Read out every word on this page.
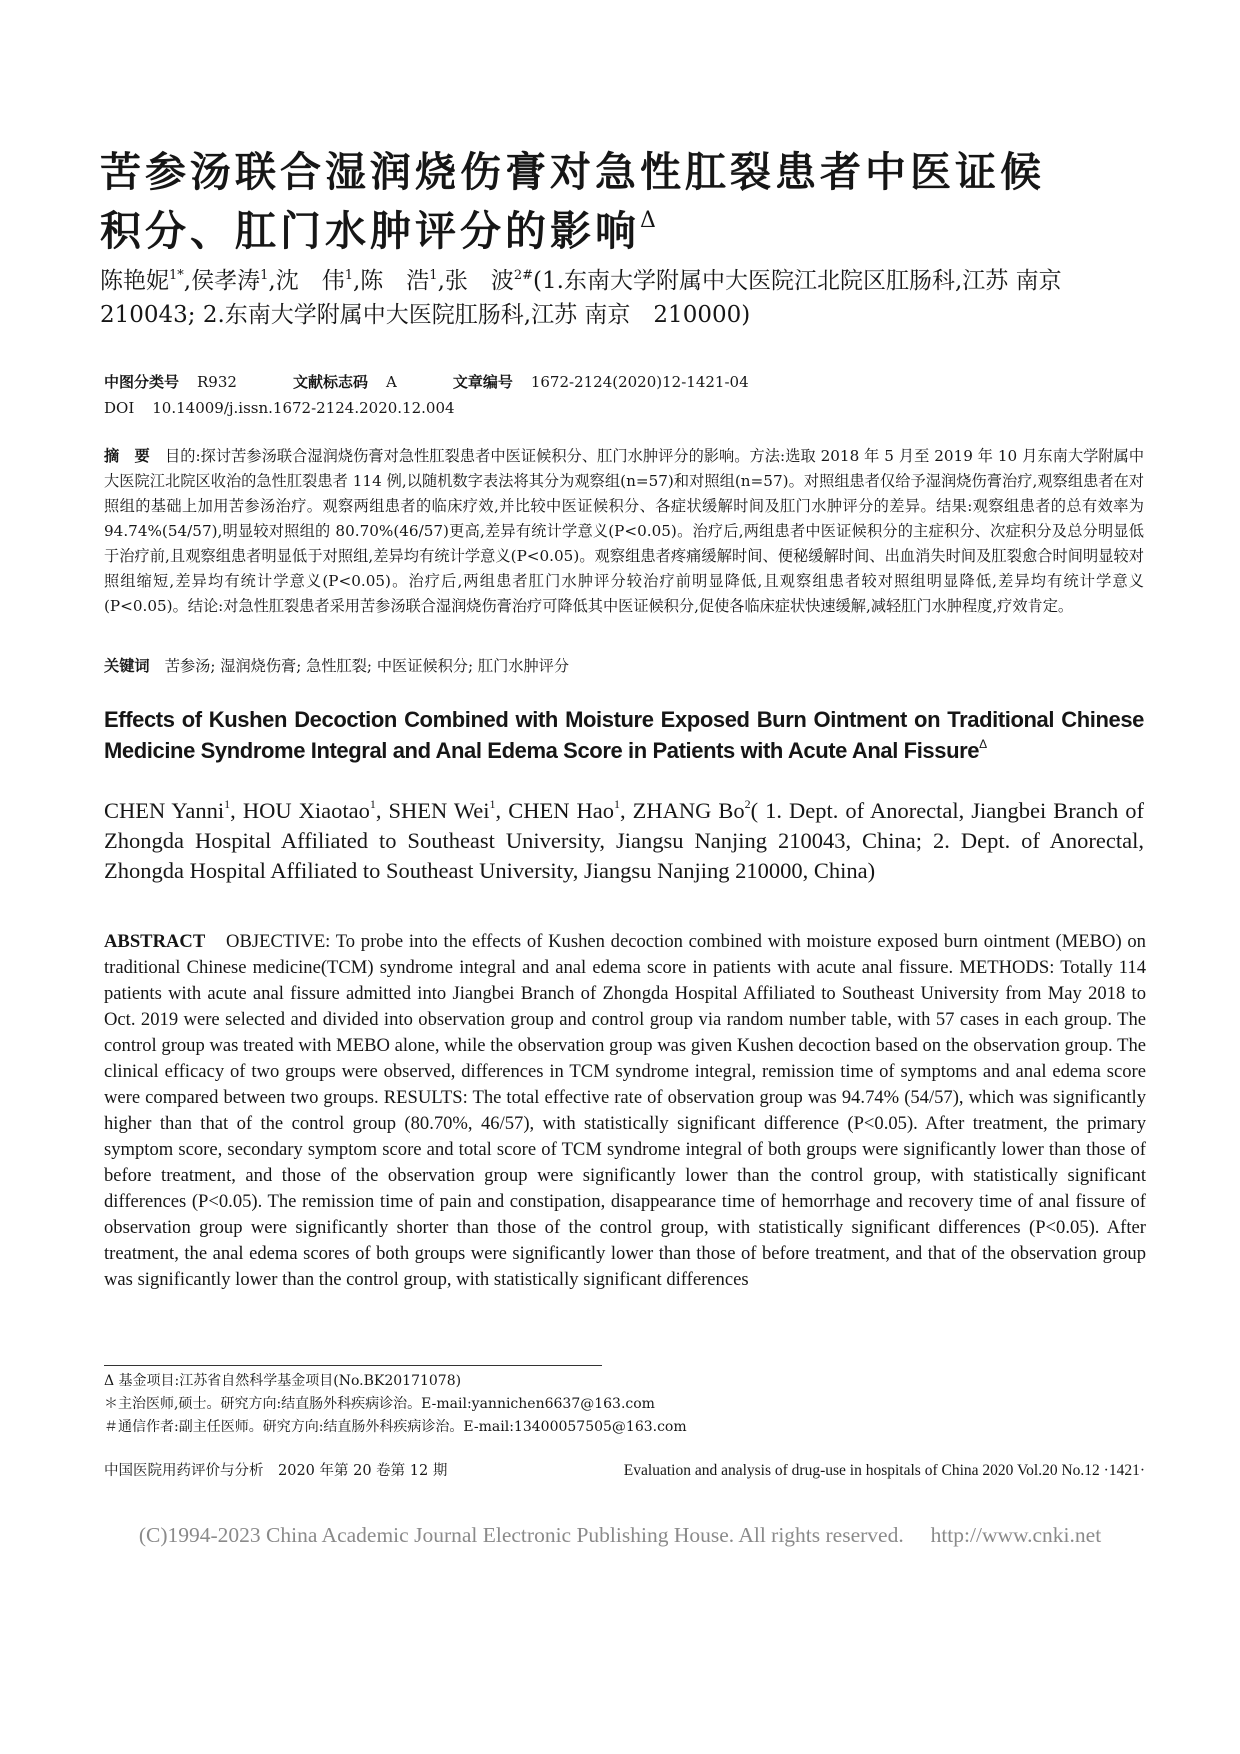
苦参汤联合湿润烧伤膏对急性肛裂患者中医证候
积分、肛门水肿评分的影响$^\Delta$
陈艳妮$^{1*}$,侯孝涛$^1$,沈　伟$^1$,陈　浩$^1$,张　波$^{2\#}$(1.东南大学附属中大医院江北院区肛肠科,江苏 南京
210043; 2.东南大学附属中大医院肛肠科,江苏 南京　210000)
中图分类号 R932	文献标志码 A	文章编号 1672-2124(2020)12-1421-04
DOI 10.14009/j.issn.1672-2124.2020.12.004
摘　要　 目的:探讨苦参汤联合湿润烧伤膏对急性肛裂患者中医证候积分、肛门水肿评分的影响。方法:选取 2018 年 5 月至 2019 年 10 月东南大学附属中大医院江北院区收治的急性肛裂患者 114 例,以随机数字表法将其分为观察组(n=57)和对照组(n=57)。对照组患者仅给予湿润烧伤膏治疗,观察组患者在对照组的基础上加用苦参汤治疗。观察两组患者的临床疗效,并比较中医证候积分、各症状缓解时间及肛门水肿评分的差异。结果:观察组患者的总有效率为 94.74%(54/57),明显较对照组的 80.70%(46/57)更高,差异有统计学意义(P<0.05)。治疗后,两组患者中医证候积分的主症积分、次症积分及总分明显低于治疗前,且观察组患者明显低于对照组,差异均有统计学意义(P<0.05)。观察组患者疼痛缓解时间、便秘缓解时间、出血消失时间及肛裂愈合时间明显较对照组缩短,差异均有统计学意义(P<0.05)。治疗后,两组患者肛门水肿评分较治疗前明显降低,且观察组患者较对照组明显降低,差异均有统计学意义(P<0.05)。结论:对急性肛裂患者采用苦参汤联合湿润烧伤膏治疗可降低其中医证候积分,促使各临床症状快速缓解,减轻肛门水肿程度,疗效肯定。
关键词　 苦参汤; 湿润烧伤膏; 急性肛裂; 中医证候积分; 肛门水肿评分
Effects of Kushen Decoction Combined with Moisture Exposed Burn Ointment on Traditional Chinese Medicine Syndrome Integral and Anal Edema Score in Patients with Acute Anal Fissure$^\Delta$
CHEN Yanni$^1$, HOU Xiaotao$^1$, SHEN Wei$^1$, CHEN Hao$^1$, ZHANG Bo$^2$( 1. Dept. of Anorectal, Jiangbei Branch of Zhongda Hospital Affiliated to Southeast University, Jiangsu Nanjing 210043, China; 2. Dept. of Anorectal, Zhongda Hospital Affiliated to Southeast University, Jiangsu Nanjing 210000, China)
ABSTRACT　 OBJECTIVE: To probe into the effects of Kushen decoction combined with moisture exposed burn ointment (MEBO) on traditional Chinese medicine(TCM) syndrome integral and anal edema score in patients with acute anal fissure. METHODS: Totally 114 patients with acute anal fissure admitted into Jiangbei Branch of Zhongda Hospital Affiliated to Southeast University from May 2018 to Oct. 2019 were selected and divided into observation group and control group via random number table, with 57 cases in each group. The control group was treated with MEBO alone, while the observation group was given Kushen decoction based on the observation group. The clinical efficacy of two groups were observed, differences in TCM syndrome integral, remission time of symptoms and anal edema score were compared between two groups. RESULTS: The total effective rate of observation group was 94.74% (54/57), which was significantly higher than that of the control group (80.70%, 46/57), with statistically significant difference (P<0.05). After treatment, the primary symptom score, secondary symptom score and total score of TCM syndrome integral of both groups were significantly lower than those of before treatment, and those of the observation group were significantly lower than the control group, with statistically significant differences (P<0.05). The remission time of pain and constipation, disappearance time of hemorrhage and recovery time of anal fissure of observation group were significantly shorter than those of the control group, with statistically significant differences (P<0.05). After treatment, the anal edema scores of both groups were significantly lower than those of before treatment, and that of the observation group was significantly lower than the control group, with statistically significant differences
Δ 基金项目:江苏省自然科学基金项目(No.BK20171078)
＊主治医师,硕士。研究方向:结直肠外科疾病诊治。E-mail:yannichen6637@163.com
＃通信作者:副主任医师。研究方向:结直肠外科疾病诊治。E-mail:13400057505@163.com
中国医院用药评价与分析　2020 年第 20 卷第 12 期	Evaluation and analysis of drug-use in hospitals of China 2020 Vol.20 No.12 ·1421·
(C)1994-2023 China Academic Journal Electronic Publishing House. All rights reserved.　 http://www.cnki.net
